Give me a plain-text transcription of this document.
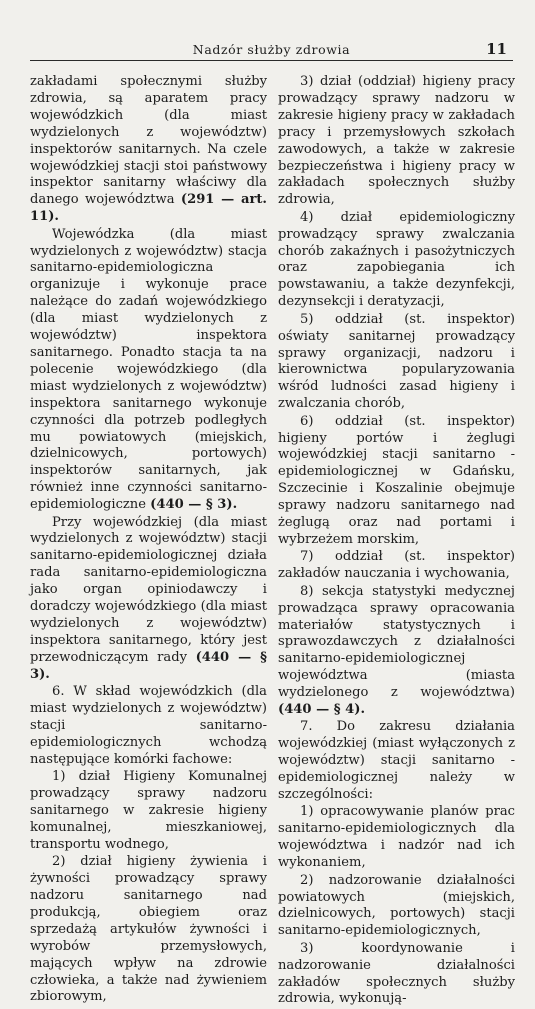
Nadzór służby zdrowia	11

zakładami społecznymi służby zdrowia, są aparatem pracy wojewódzkich (dla miast wydzielonych z województw) inspektorów sanitarnych. Na czele wojewódzkiej stacji stoi państwowy inspektor sanitarny właściwy dla danego województwa (291 — art. 11).

Wojewódzka (dla miast wydzielonych z województw) stacja sanitarno-epidemiologiczna organizuje i wykonuje prace należące do zadań wojewódzkiego (dla miast wydzielonych z województw) inspektora sanitarnego. Ponadto stacja ta na polecenie wojewódzkiego (dla miast wydzielonych z województw) inspektora sanitarnego wykonuje czynności dla potrzeb podległych mu powiatowych (miejskich, dzielnicowych, portowych) inspektorów sanitarnych, jak również inne czynności sanitarno-epidemiologiczne (440 — § 3).

Przy wojewódzkiej (dla miast wydzielonych z województw) stacji sanitarno-epidemiologicznej działa rada sanitarno-epidemiologiczna jako organ opiniodawczy i doradczy wojewódzkiego (dla miast wydzielonych z województw) inspektora sanitarnego, który jest przewodniczącym rady (440 — § 3).

6. W skład wojewódzkich (dla miast wydzielonych z województw) stacji sanitarno-epidemiologicznych wchodzą następujące komórki fachowe:

1) dział Higieny Komunalnej prowadzący sprawy nadzoru sanitarnego w zakresie higieny komunalnej, mieszkaniowej, transportu wodnego,

2) dział higieny żywienia i żywności prowadzący sprawy nadzoru sanitarnego nad produkcją, obiegiem oraz sprzedażą artykułów żywności i wyrobów przemysłowych, mających wpływ na zdrowie człowieka, a także nad żywieniem zbiorowym,

3) dział (oddział) higieny pracy prowadzący sprawy nadzoru w zakresie higieny pracy w zakładach pracy i przemysłowych szkołach zawodowych, a także w zakresie bezpieczeństwa i higieny pracy w zakładach społecznych służby zdrowia,

4) dział epidemiologiczny prowadzący sprawy zwalczania chorób zakaźnych i pasożytniczych oraz zapobiegania ich powstawaniu, a także dezynfekcji, dezynsekcji i deratyzacji,

5) oddział (st. inspektor) oświaty sanitarnej prowadzący sprawy organizacji, nadzoru i kierownictwa popularyzowania wśród ludności zasad higieny i zwalczania chorób,

6) oddział (st. inspektor) higieny portów i żeglugi wojewódzkiej stacji sanitarno - epidemiologicznej w Gdańsku, Szczecinie i Koszalinie obejmuje sprawy nadzoru sanitarnego nad żeglugą oraz nad portami i wybrzeżem morskim,

7) oddział (st. inspektor) zakładów nauczania i wychowania,

8) sekcja statystyki medycznej prowadząca sprawy opracowania materiałów statystycznych i sprawozdawczych z działalności sanitarno-epidemiologicznej województwa (miasta wydzielonego z województwa) (440 — § 4).

7. Do zakresu działania wojewódzkiej (miast wyłączonych z województw) stacji sanitarno - epidemiologicznej należy w szczególności:

1) opracowywanie planów prac sanitarno-epidemiologicznych dla województwa i nadzór nad ich wykonaniem,

2) nadzorowanie działalności powiatowych (miejskich, dzielnicowych, portowych) stacji sanitarno-epidemiologicznych,

3) koordynowanie i nadzorowanie działalności zakładów społecznych służby zdrowia, wykonują-
